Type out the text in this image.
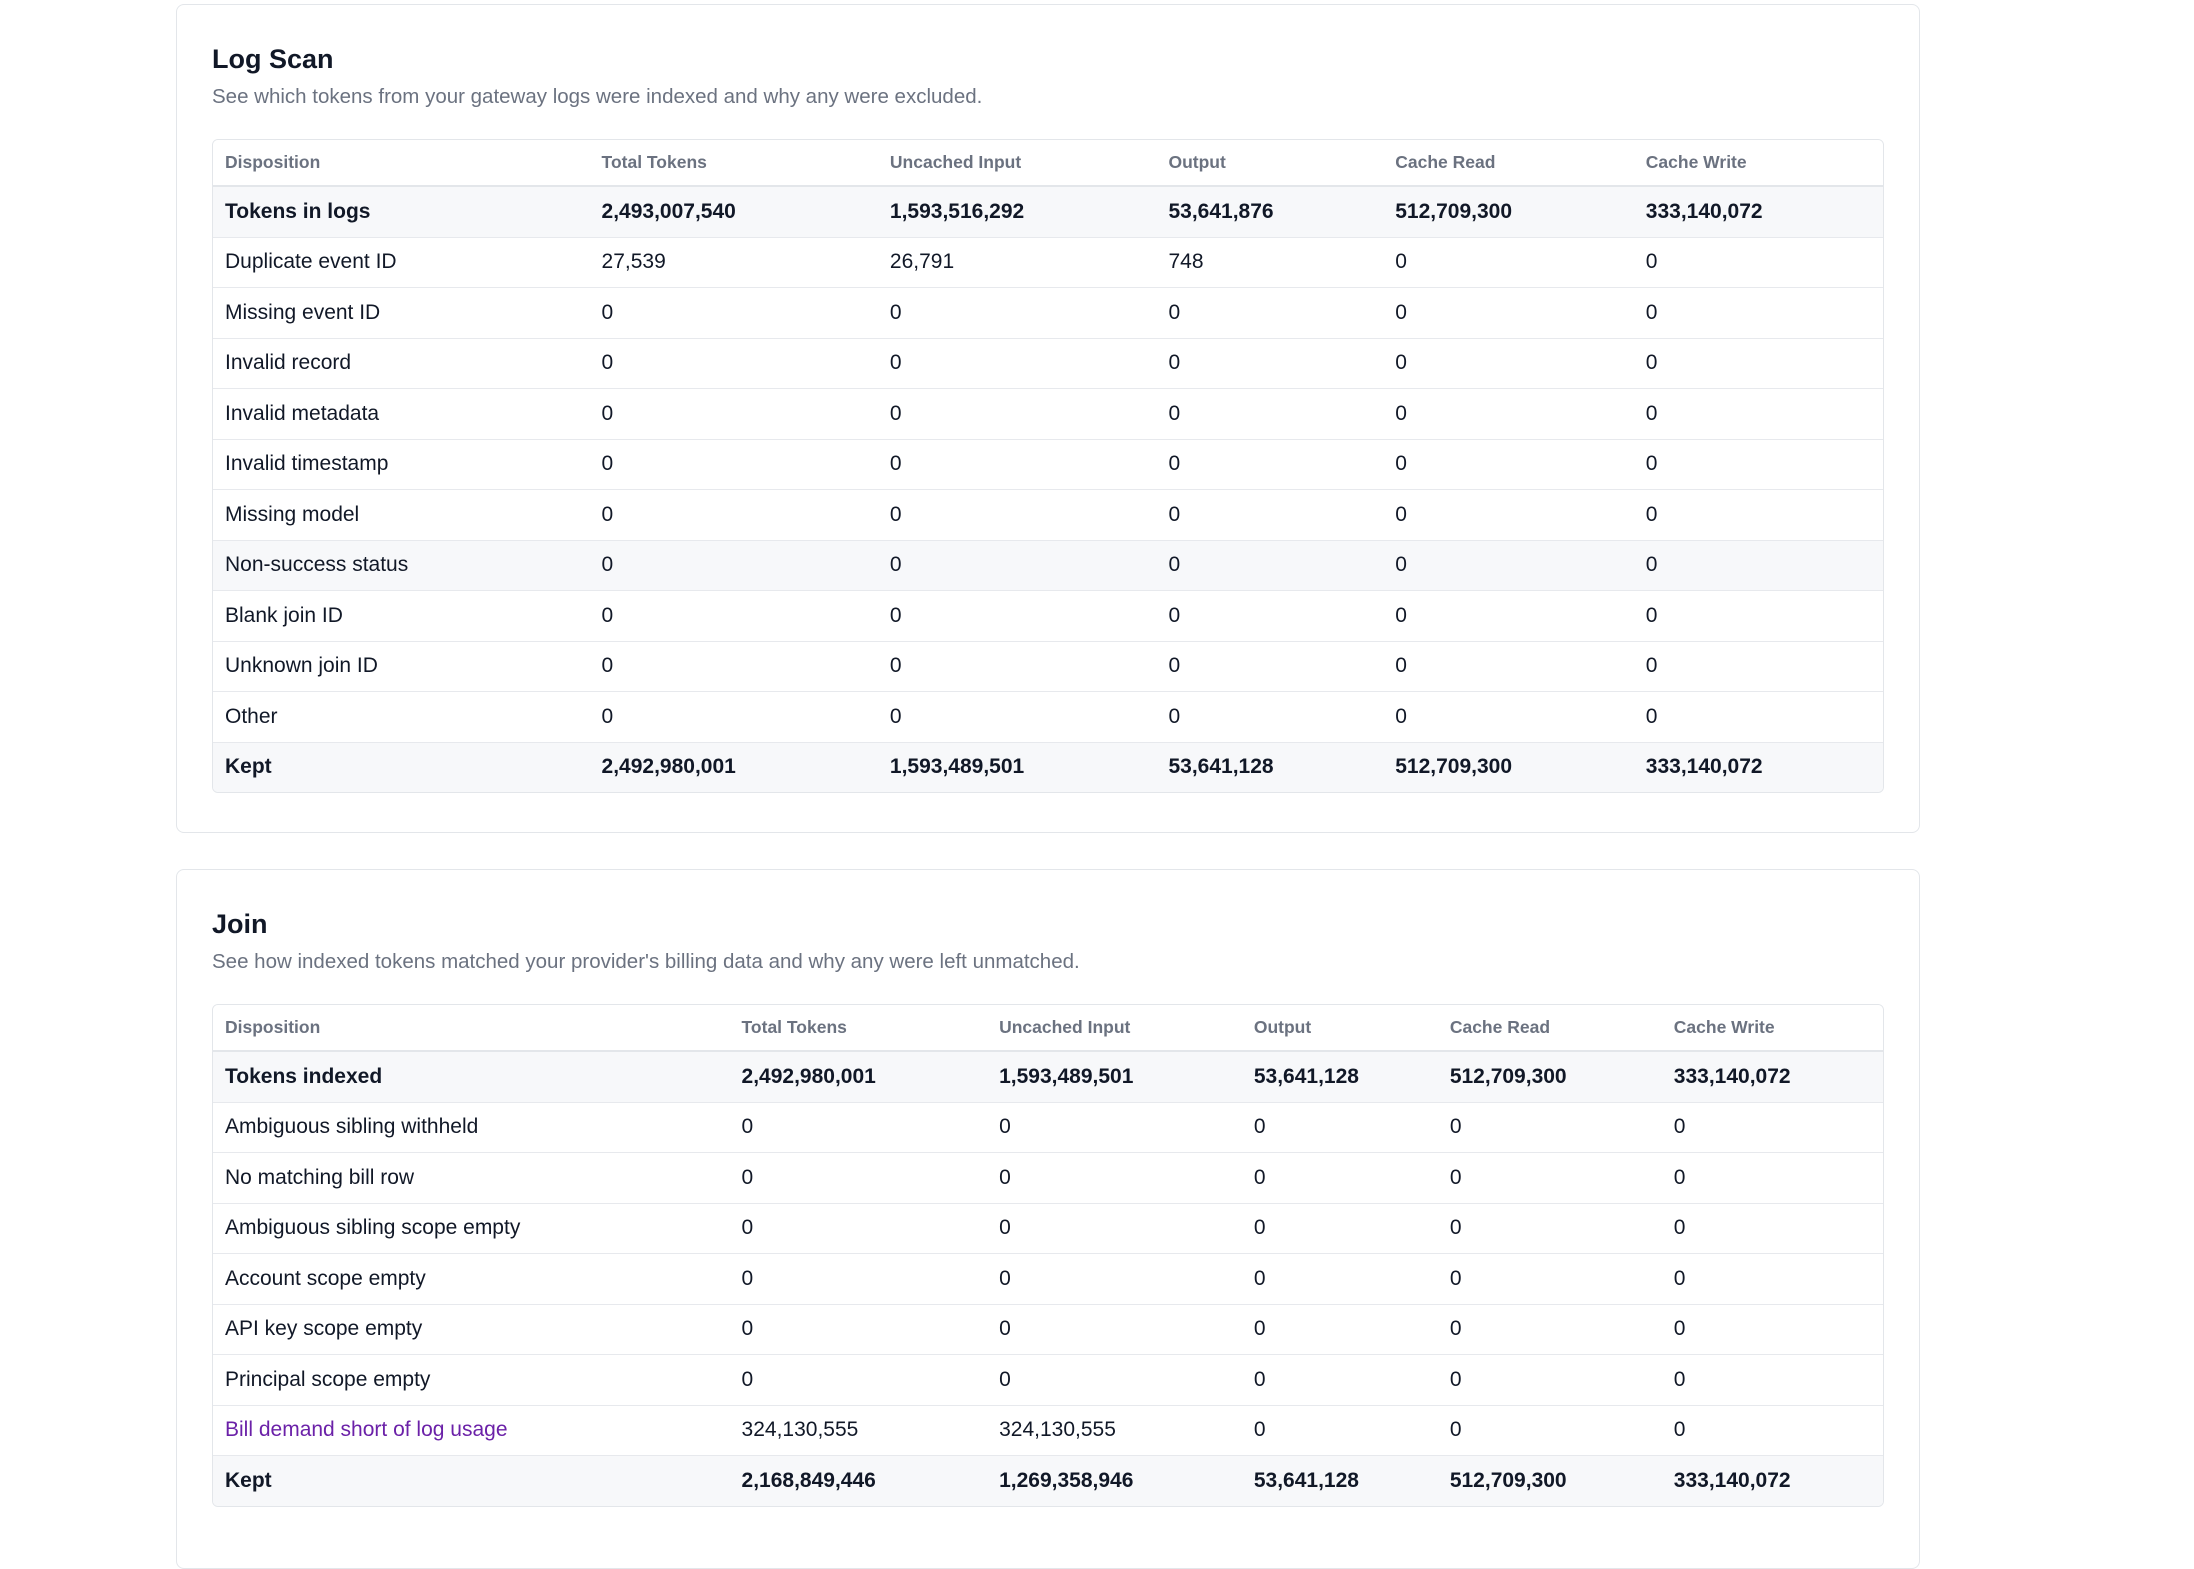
Log Scan

See which tokens from your gateway logs were indexed and why any were excluded.

Disposition	Total Tokens	Uncached Input	Output	Cache Read	Cache Write
Tokens in logs	2,493,007,540	1,593,516,292	53,641,876	512,709,300	333,140,072
Duplicate event ID	27,539	26,791	748	0	0
Missing event ID	0	0	0	0	0
Invalid record	0	0	0	0	0
Invalid metadata	0	0	0	0	0
Invalid timestamp	0	0	0	0	0
Missing model	0	0	0	0	0
Non-success status	0	0	0	0	0
Blank join ID	0	0	0	0	0
Unknown join ID	0	0	0	0	0
Other	0	0	0	0	0
Kept	2,492,980,001	1,593,489,501	53,641,128	512,709,300	333,140,072
Join

See how indexed tokens matched your provider's billing data and why any were left unmatched.

Disposition	Total Tokens	Uncached Input	Output	Cache Read	Cache Write
Tokens indexed	2,492,980,001	1,593,489,501	53,641,128	512,709,300	333,140,072
Ambiguous sibling withheld	0	0	0	0	0
No matching bill row	0	0	0	0	0
Ambiguous sibling scope empty	0	0	0	0	0
Account scope empty	0	0	0	0	0
API key scope empty	0	0	0	0	0
Principal scope empty	0	0	0	0	0
Bill demand short of log usage	324,130,555	324,130,555	0	0	0
Kept	2,168,849,446	1,269,358,946	53,641,128	512,709,300	333,140,072
